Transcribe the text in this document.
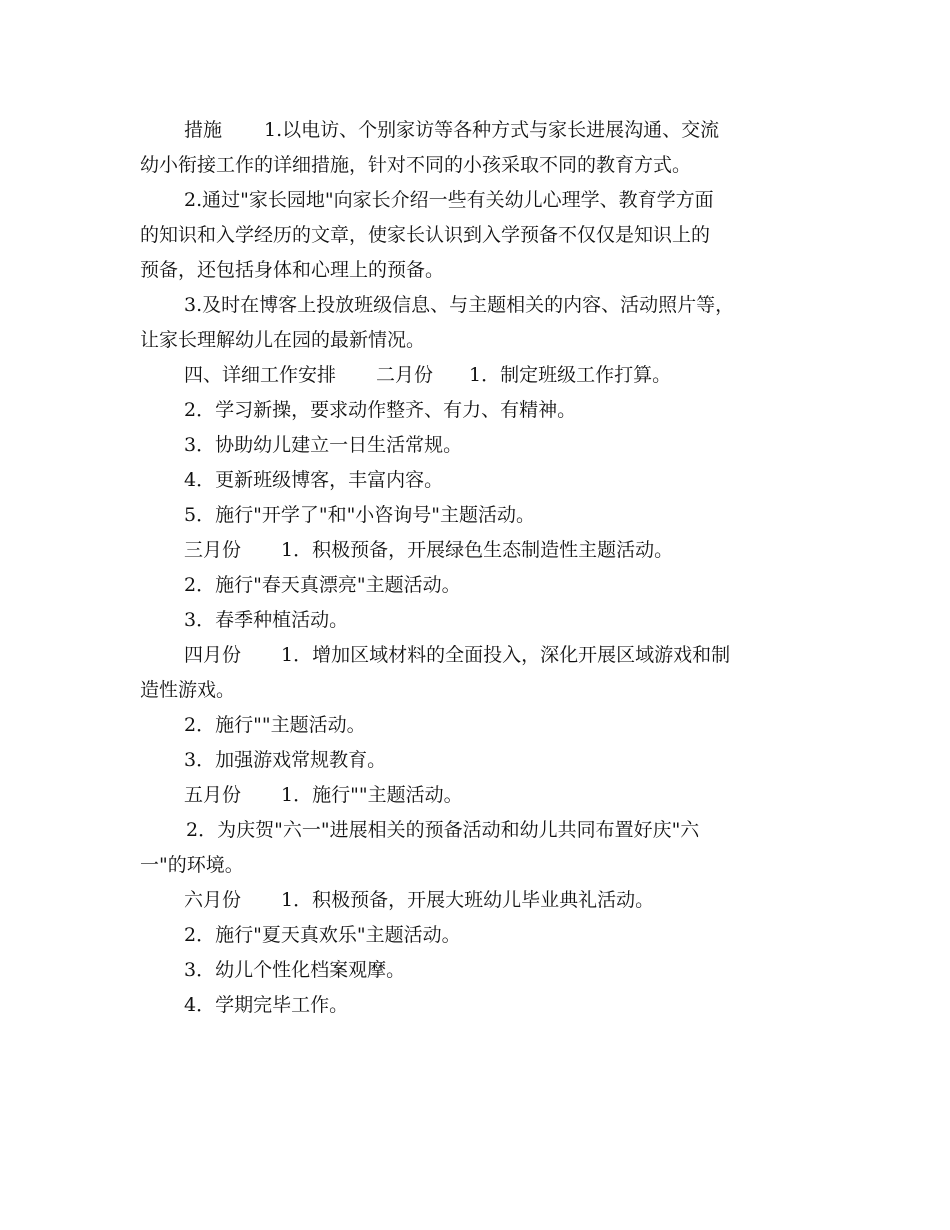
措施 1.以电访、个别家访等各种方式与家长进展沟通、交流
幼小衔接工作的详细措施，针对不同的小孩采取不同的教育方式。
2.通过"家长园地"向家长介绍一些有关幼儿心理学、教育学方面
的知识和入学经历的文章，使家长认识到入学预备不仅仅是知识上的
预备，还包括身体和心理上的预备。
3.及时在博客上投放班级信息、与主题相关的内容、活动照片等，
让家长理解幼儿在园的最新情况。
四、详细工作安排 二月份 1．制定班级工作打算。
2．学习新操，要求动作整齐、有力、有精神。
3．协助幼儿建立一日生活常规。
4．更新班级博客，丰富内容。
5．施行"开学了"和"小咨询号"主题活动。
三月份 1．积极预备，开展绿色生态制造性主题活动。
2．施行"春天真漂亮"主题活动。
3．春季种植活动。
四月份 1．增加区域材料的全面投入，深化开展区域游戏和制
造性游戏。
2．施行""主题活动。
3．加强游戏常规教育。
五月份 1．施行""主题活动。
2．为庆贺"六一"进展相关的预备活动和幼儿共同布置好庆"六
一"的环境。
六月份 1．积极预备，开展大班幼儿毕业典礼活动。
2．施行"夏天真欢乐"主题活动。
3．幼儿个性化档案观摩。
4．学期完毕工作。
